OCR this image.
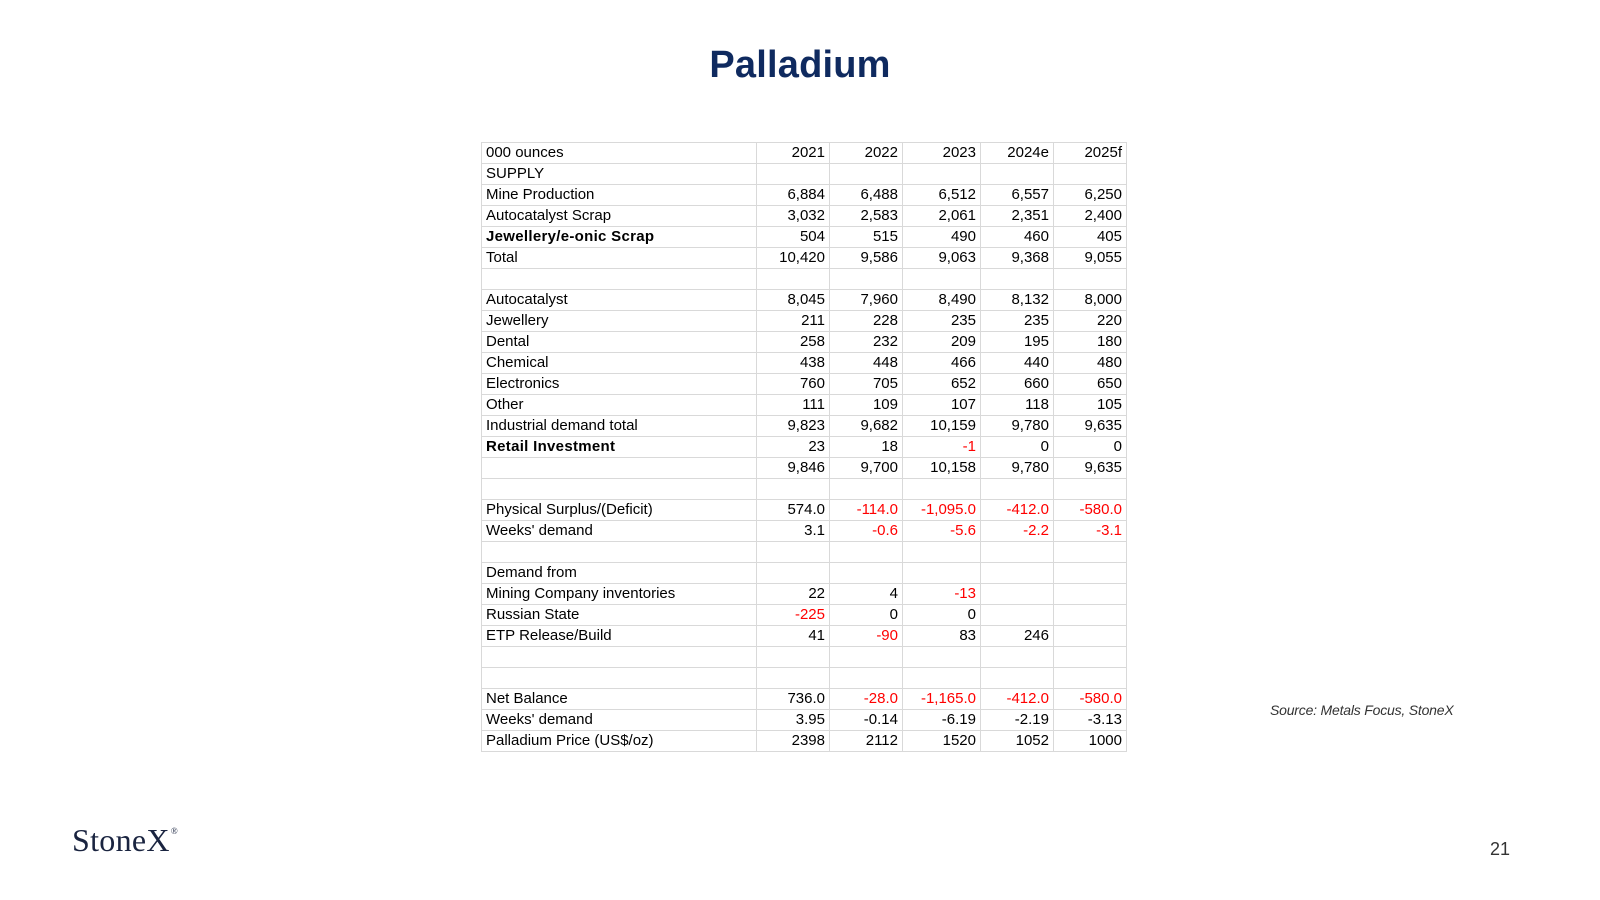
Palladium
000 ounces	2021	2022	2023	2024e	2025f
SUPPLY					
Mine Production	6,884	6,488	6,512	6,557	6,250
Autocatalyst Scrap	3,032	2,583	2,061	2,351	2,400
Jewellery/e-onic Scrap	504	515	490	460	405
Total	10,420	9,586	9,063	9,368	9,055

Autocatalyst	8,045	7,960	8,490	8,132	8,000
Jewellery	211	228	235	235	220
Dental	258	232	209	195	180
Chemical	438	448	466	440	480
Electronics	760	705	652	660	650
Other	111	109	107	118	105
Industrial demand total	9,823	9,682	10,159	9,780	9,635
Retail Investment	23	18	-1	0	0
	9,846	9,700	10,158	9,780	9,635

Physical Surplus/(Deficit)	574.0	-114.0	-1,095.0	-412.0	-580.0
Weeks' demand	3.1	-0.6	-5.6	-2.2	-3.1

Demand from					
Mining Company inventories	22	4	-13		
Russian State	-225	0	0		
ETP Release/Build	41	-90	83	246	

Net Balance	736.0	-28.0	-1,165.0	-412.0	-580.0
Weeks' demand	3.95	-0.14	-6.19	-2.19	-3.13
Palladium Price (US$/oz)	2398	2112	1520	1052	1000
Source: Metals Focus, StoneX
StoneX®
21
